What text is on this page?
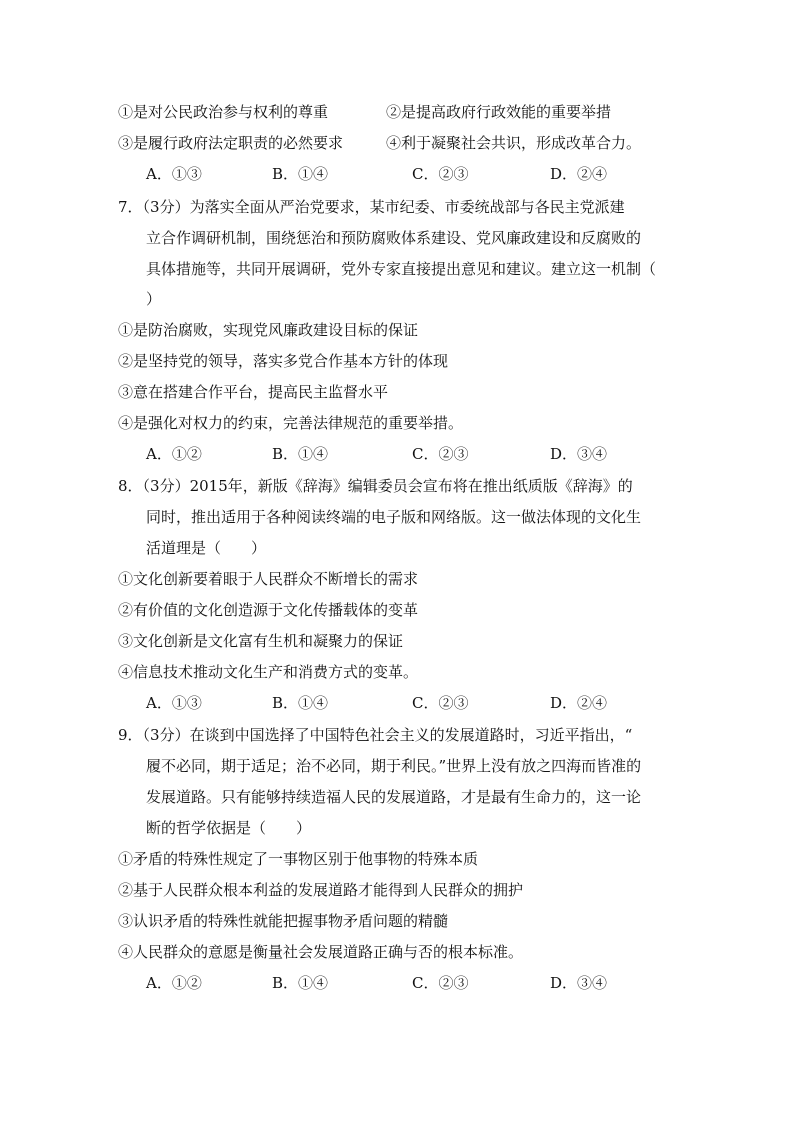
①是对公民政治参与权利的尊重	②是提高政府行政效能的重要举措
③是履行政府法定职责的必然要求	④利于凝聚社会共识，形成改革合力。
A．①③	B．①④	C．②③	D．②④
7．（3分）为落实全面从严治党要求，某市纪委、市委统战部与各民主党派建
立合作调研机制，围绕惩治和预防腐败体系建设、党风廉政建设和反腐败的
具体措施等，共同开展调研，党外专家直接提出意见和建议。建立这一机制（
）
①是防治腐败，实现党风廉政建设目标的保证
②是坚持党的领导，落实多党合作基本方针的体现
③意在搭建合作平台，提高民主监督水平
④是强化对权力的约束，完善法律规范的重要举措。
A．①②	B．①④	C．②③	D．③④
8．（3分）2015年，新版《辞海》编辑委员会宣布将在推出纸质版《辞海》的
同时，推出适用于各种阅读终端的电子版和网络版。这一做法体现的文化生
活道理是（　　）
①文化创新要着眼于人民群众不断增长的需求
②有价值的文化创造源于文化传播载体的变革
③文化创新是文化富有生机和凝聚力的保证
④信息技术推动文化生产和消费方式的变革。
A．①③	B．①④	C．②③	D．②④
9．（3分）在谈到中国选择了中国特色社会主义的发展道路时，习近平指出，“
履不必同，期于适足；治不必同，期于利民。”世界上没有放之四海而皆准的
发展道路。只有能够持续造福人民的发展道路，才是最有生命力的，这一论
断的哲学依据是（　　）
①矛盾的特殊性规定了一事物区别于他事物的特殊本质
②基于人民群众根本利益的发展道路才能得到人民群众的拥护
③认识矛盾的特殊性就能把握事物矛盾问题的精髓
④人民群众的意愿是衡量社会发展道路正确与否的根本标准。
A．①②	B．①④	C．②③	D．③④
